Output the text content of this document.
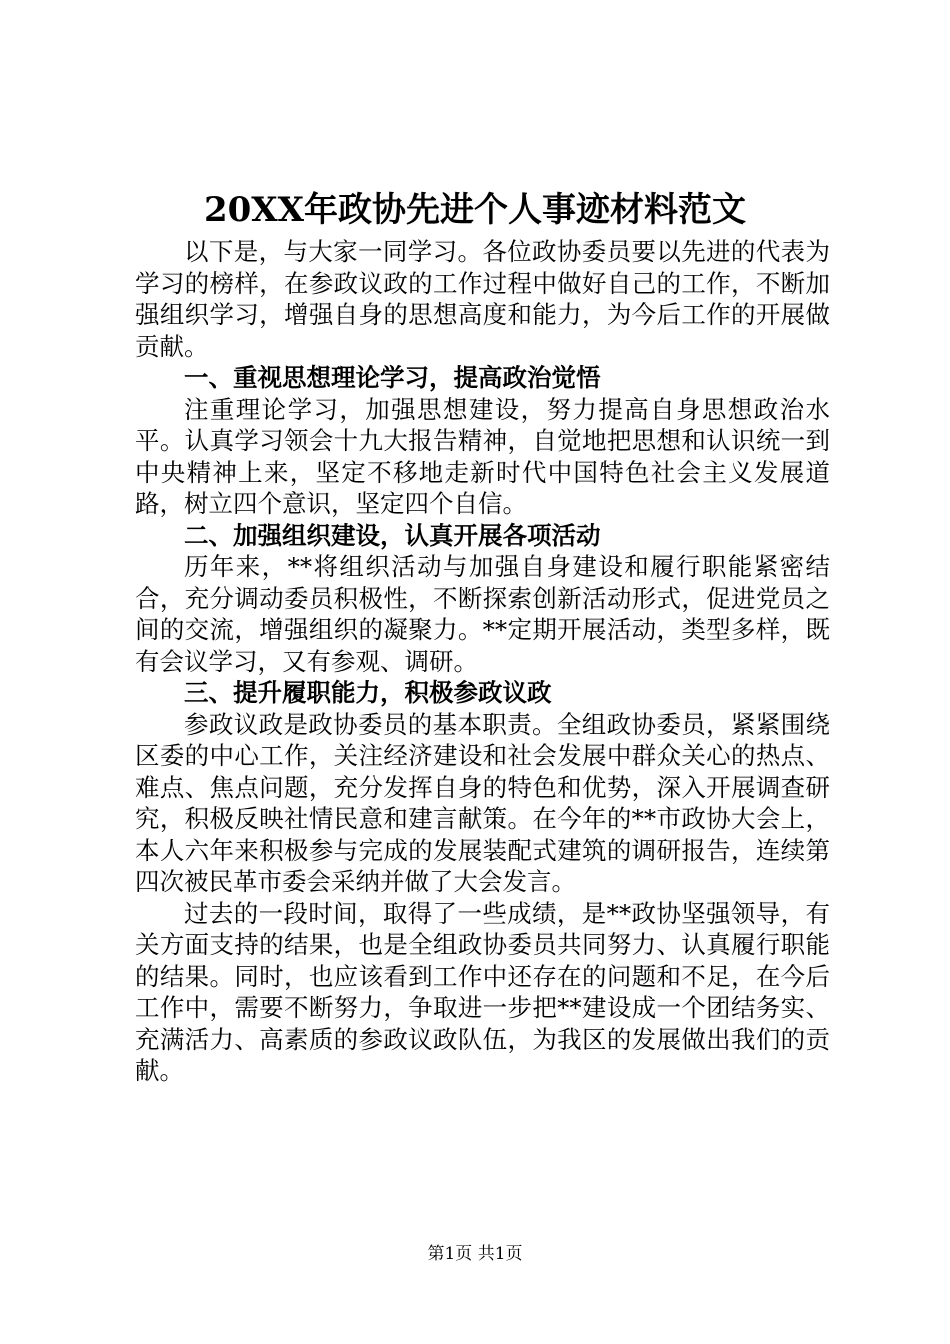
20XX年政协先进个人事迹材料范文

以下是，与大家一同学习。各位政协委员要以先进的代表为学习的榜样，在参政议政的工作过程中做好自己的工作，不断加强组织学习，增强自身的思想高度和能力，为今后工作的开展做贡献。

一、重视思想理论学习，提高政治觉悟

注重理论学习，加强思想建设，努力提高自身思想政治水平。认真学习领会十九大报告精神，自觉地把思想和认识统一到中央精神上来，坚定不移地走新时代中国特色社会主义发展道路，树立四个意识，坚定四个自信。

二、加强组织建设，认真开展各项活动

历年来，**将组织活动与加强自身建设和履行职能紧密结合，充分调动委员积极性，不断探索创新活动形式，促进党员之间的交流，增强组织的凝聚力。**定期开展活动，类型多样，既有会议学习，又有参观、调研。

三、提升履职能力，积极参政议政

参政议政是政协委员的基本职责。全组政协委员，紧紧围绕区委的中心工作，关注经济建设和社会发展中群众关心的热点、难点、焦点问题，充分发挥自身的特色和优势，深入开展调查研究，积极反映社情民意和建言献策。在今年的**市政协大会上，本人六年来积极参与完成的发展装配式建筑的调研报告，连续第四次被民革市委会采纳并做了大会发言。

过去的一段时间，取得了一些成绩，是**政协坚强领导，有关方面支持的结果，也是全组政协委员共同努力、认真履行职能的结果。同时，也应该看到工作中还存在的问题和不足，在今后工作中，需要不断努力，争取进一步把**建设成一个团结务实、充满活力、高素质的参政议政队伍，为我区的发展做出我们的贡献。

第1页 共1页
